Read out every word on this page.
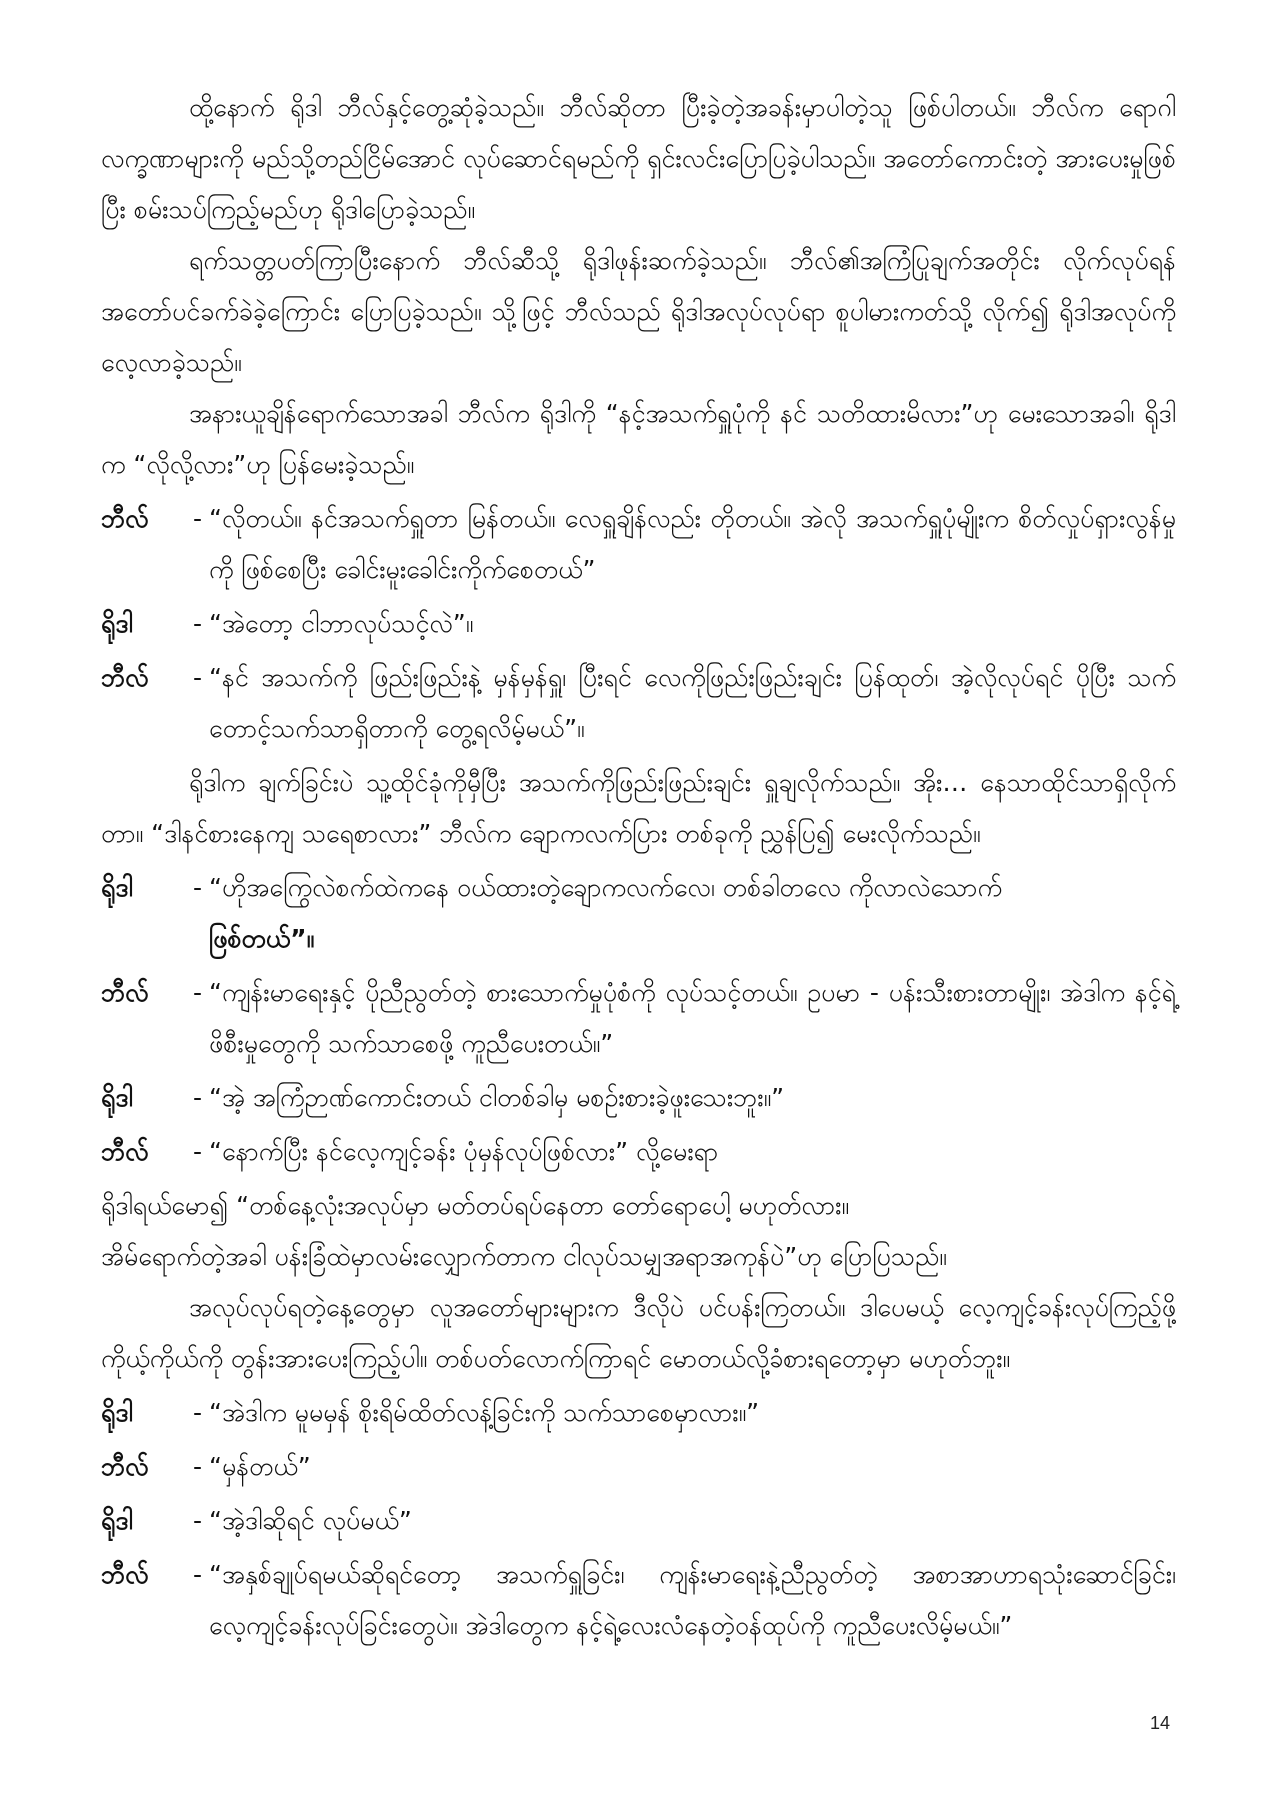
ထို့နောက် ရိုဒါ ဘီလ်နှင့်တွေ့ဆုံခဲ့သည်။ ဘီလ်ဆိုတာ ပြီးခဲ့တဲ့အခန်းမှာပါတဲ့သူ ဖြစ်ပါတယ်။ ဘီလ်က ရောဂါလက္ခဏာများကို မည်သို့တည်ငြိမ်အောင် လုပ်ဆောင်ရမည်ကို ရှင်းလင်းပြောပြခဲ့ပါသည်။ အတော်ကောင်းတဲ့ အားပေးမှုဖြစ်ပြီး စမ်းသပ်ကြည့်မည်ဟု ရိုဒါပြောခဲ့သည်။

ရက်သတ္တပတ်ကြာပြီးနောက် ဘီလ်ဆီသို့ ရိုဒါဖုန်းဆက်ခဲ့သည်။ ဘီလ်၏အကြံပြုချက်အတိုင်း လိုက်လုပ်ရန် အတော်ပင်ခက်ခဲခဲ့ကြောင်း ပြောပြခဲ့သည်။ သို့ဖြင့် ဘီလ်သည် ရိုဒါအလုပ်လုပ်ရာ စူပါမားကတ်သို့ လိုက်၍ ရိုဒါအလုပ်ကို လေ့လာခဲ့သည်။

အနားယူချိန်ရောက်သောအခါ ဘီလ်က ရိုဒါကို “နင့်အသက်ရှူပုံကို နင် သတိထားမိလား”ဟု မေးသောအခါ၊ ရိုဒါက “လိုလို့လား”ဟု ပြန်မေးခဲ့သည်။

ဘီလ်	- “လိုတယ်။ နင်အသက်ရှူတာ မြန်တယ်။ လေရှူချိန်လည်း တိုတယ်။ အဲလို အသက်ရှူပုံမျိုးက စိတ်လှုပ်ရှားလွန်မှုကို ဖြစ်စေပြီး ခေါင်းမူးခေါင်းကိုက်စေတယ်”
ရိုဒါ	- “အဲတော့ ငါဘာလုပ်သင့်လဲ”။
ဘီလ်	- “နင် အသက်ကို ဖြည်းဖြည်းနဲ့ မှန်မှန်ရှူ၊ ပြီးရင် လေကိုဖြည်းဖြည်းချင်း ပြန်ထုတ်၊ အဲ့လိုလုပ်ရင် ပိုပြီး သက်တောင့်သက်သာရှိတာကို တွေ့ရလိမ့်မယ်”။

ရိုဒါက ချက်ခြင်းပဲ သူ့ထိုင်ခုံကိုမှီပြီး အသက်ကိုဖြည်းဖြည်းချင်း ရှူချလိုက်သည်။ အိုး… နေသာထိုင်သာရှိလိုက်တာ။ “ဒါနင်စားနေကျ သရေစာလား” ဘီလ်က ချောကလက်ပြား တစ်ခုကို ညွှန်ပြ၍ မေးလိုက်သည်။

ရိုဒါ	- “ဟိုအကြွေလဲစက်ထဲကနေ ဝယ်ထားတဲ့ချောကလက်လေ၊ တစ်ခါတလေ ကိုလာလဲသောက်
ဖြစ်တယ်”။
ဘီလ်	- “ကျန်းမာရေးနှင့် ပိုညီညွတ်တဲ့ စားသောက်မှုပုံစံကို လုပ်သင့်တယ်။ ဥပမာ - ပန်းသီးစားတာမျိုး၊ အဲဒါက နင့်ရဲ့ဖိစီးမှုတွေကို သက်သာစေဖို့ ကူညီပေးတယ်။”
ရိုဒါ	- “အဲ့ အကြံဉာဏ်ကောင်းတယ် ငါတစ်ခါမှ မစဉ်းစားခဲ့ဖူးသေးဘူး။”
ဘီလ်	- “နောက်ပြီး နင်လေ့ကျင့်ခန်း ပုံမှန်လုပ်ဖြစ်လား” လို့မေးရာ

ရိုဒါရယ်မော၍ “တစ်နေ့လုံးအလုပ်မှာ မတ်တပ်ရပ်နေတာ တော်ရောပေါ့ မဟုတ်လား။

အိမ်ရောက်တဲ့အခါ ပန်းခြံထဲမှာလမ်းလျှောက်တာက ငါလုပ်သမျှအရာအကုန်ပဲ”ဟု ပြောပြသည်။

အလုပ်လုပ်ရတဲ့နေ့တွေမှာ လူအတော်များများက ဒီလိုပဲ ပင်ပန်းကြတယ်။ ဒါပေမယ့် လေ့ကျင့်ခန်းလုပ်ကြည့်ဖို့ ကိုယ့်ကိုယ်ကို တွန်းအားပေးကြည့်ပါ။ တစ်ပတ်လောက်ကြာရင် မောတယ်လို့ခံစားရတော့မှာ မဟုတ်ဘူး။

ရိုဒါ	- “အဲဒါက မူမမှန် စိုးရိမ်ထိတ်လန့်ခြင်းကို သက်သာစေမှာလား။”
ဘီလ်	- “မှန်တယ်”
ရိုဒါ	- “အဲ့ဒါဆိုရင် လုပ်မယ်”
ဘီလ်	- “အနှစ်ချုပ်ရမယ်ဆိုရင်တော့ အသက်ရှူခြင်း၊ ကျန်းမာရေးနဲ့ညီညွတ်တဲ့ အစာအာဟာရသုံးဆောင်ခြင်း၊ လေ့ကျင့်ခန်းလုပ်ခြင်းတွေပဲ။ အဲဒါတွေက နင့်ရဲ့လေးလံနေတဲ့ဝန်ထုပ်ကို ကူညီပေးလိမ့်မယ်။”
14
